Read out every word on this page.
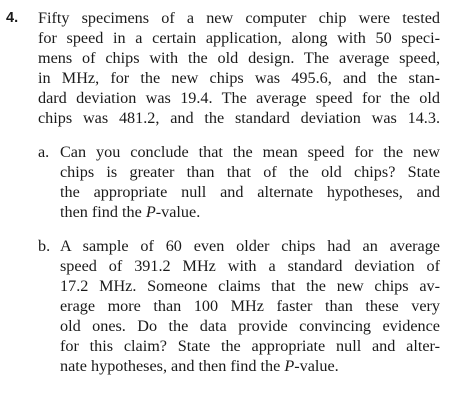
4. Fifty specimens of a new computer chip were tested
for speed in a certain application, along with 50 speci-
mens of chips with the old design. The average speed,
in MHz, for the new chips was 495.6, and the stan-
dard deviation was 19.4. The average speed for the old
chips was 481.2, and the standard deviation was 14.3.
a. Can you conclude that the mean speed for the new
chips is greater than that of the old chips? State
the appropriate null and alternate hypotheses, and
then find the P-value.
b. A sample of 60 even older chips had an average
speed of 391.2 MHz with a standard deviation of
17.2 MHz. Someone claims that the new chips av-
erage more than 100 MHz faster than these very
old ones. Do the data provide convincing evidence
for this claim? State the appropriate null and alter-
nate hypotheses, and then find the P-value.
